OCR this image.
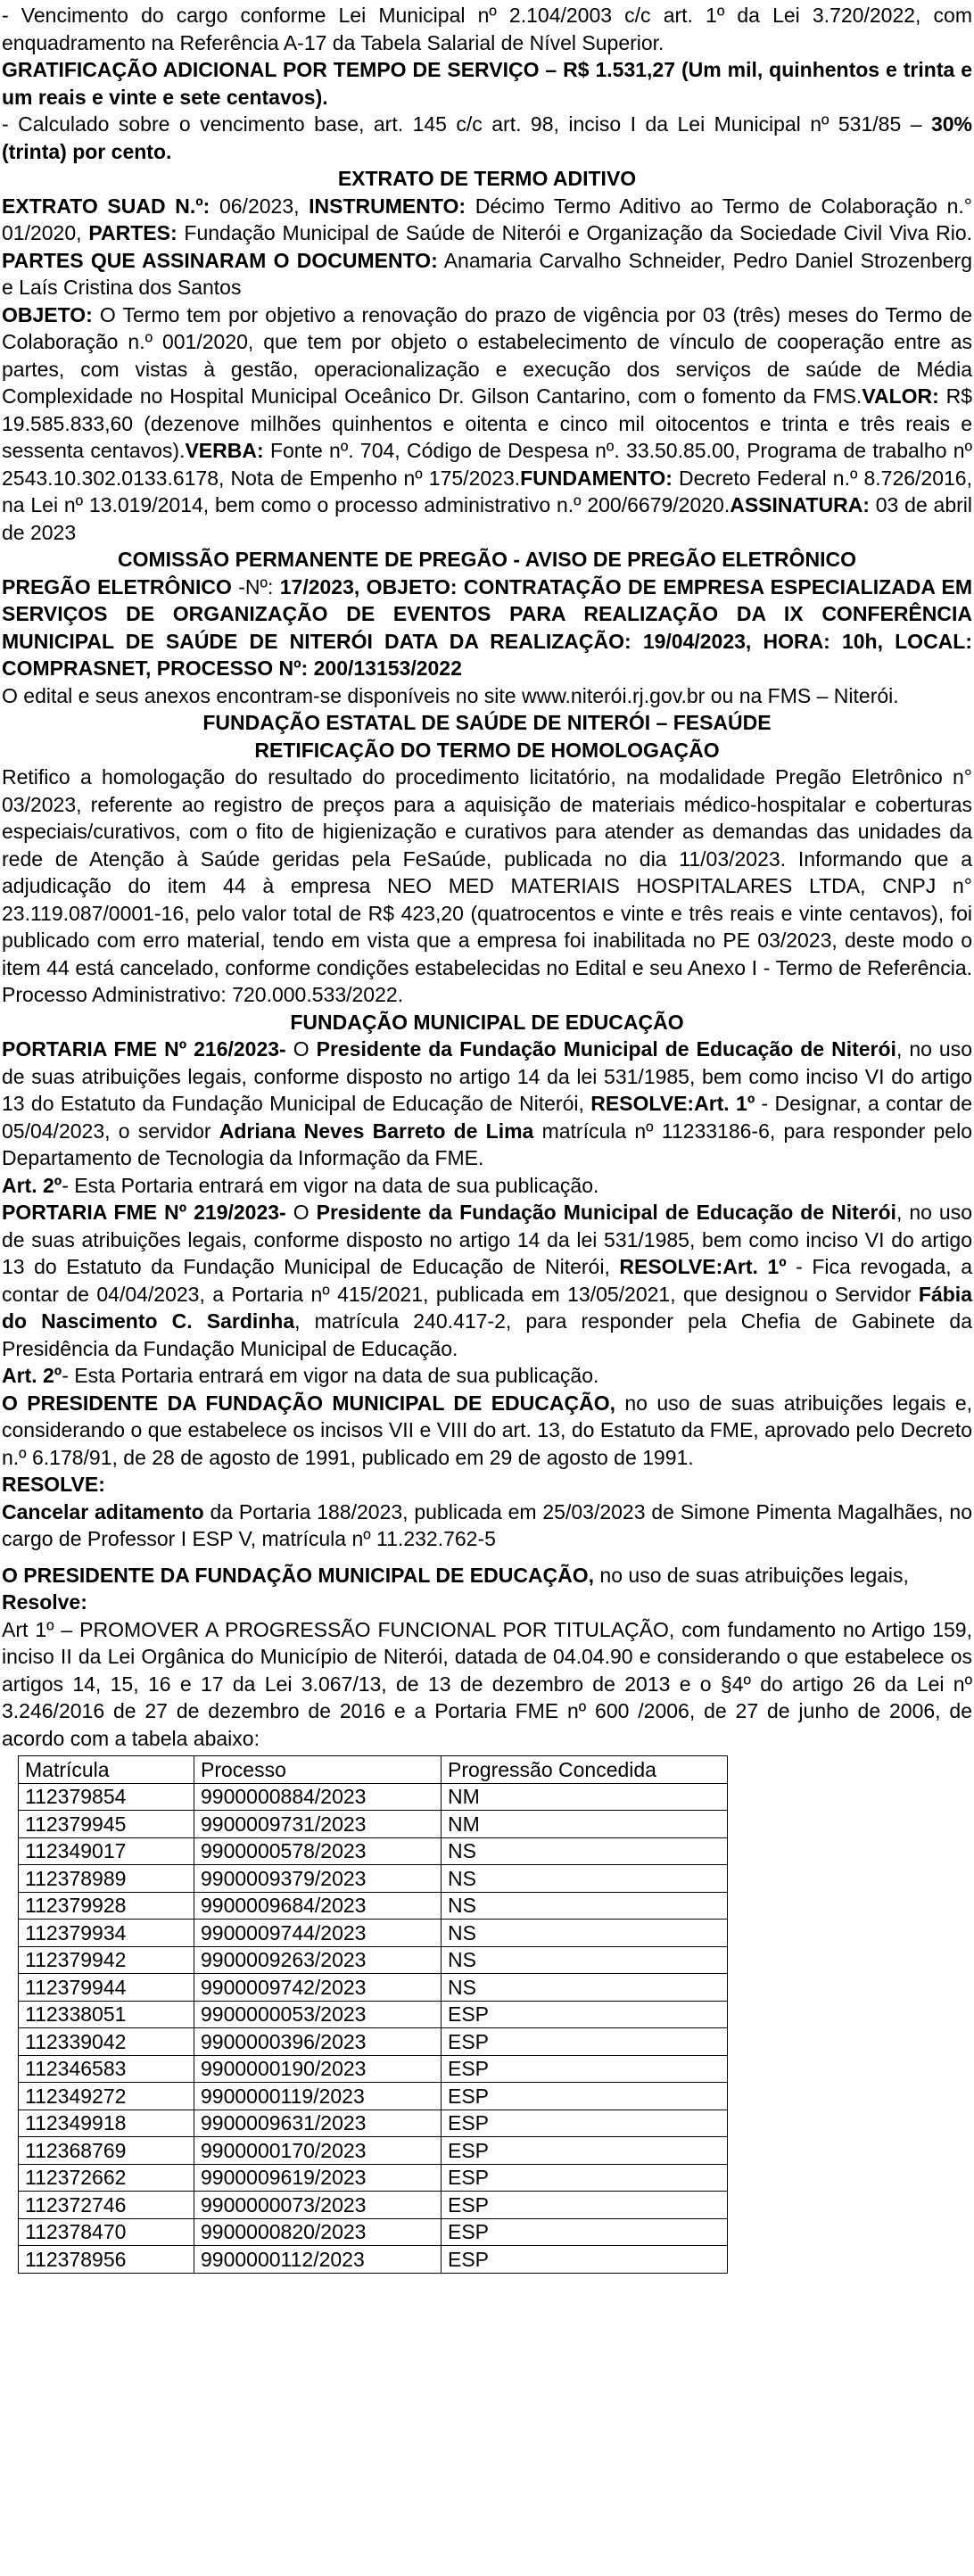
- Vencimento do cargo conforme Lei Municipal nº 2.104/2003 c/c art. 1º da Lei 3.720/2022, com enquadramento na Referência A-17 da Tabela Salarial de Nível Superior.

GRATIFICAÇÃO ADICIONAL POR TEMPO DE SERVIÇO – R$ 1.531,27 (Um mil, quinhentos e trinta e um reais e vinte e sete centavos).

- Calculado sobre o vencimento base, art. 145 c/c art. 98, inciso I da Lei Municipal nº 531/85 – 30% (trinta) por cento.

EXTRATO DE TERMO ADITIVO

EXTRATO SUAD N.º: 06/2023, INSTRUMENTO: Décimo Termo Aditivo ao Termo de Colaboração n.° 01/2020, PARTES: Fundação Municipal de Saúde de Niterói e Organização da Sociedade Civil Viva Rio. PARTES QUE ASSINARAM O DOCUMENTO: Anamaria Carvalho Schneider, Pedro Daniel Strozenberg e Laís Cristina dos Santos

OBJETO: O Termo tem por objetivo a renovação do prazo de vigência por 03 (três) meses do Termo de Colaboração n.º 001/2020, que tem por objeto o estabelecimento de vínculo de cooperação entre as partes, com vistas à gestão, operacionalização e execução dos serviços de saúde de Média Complexidade no Hospital Municipal Oceânico Dr. Gilson Cantarino, com o fomento da FMS.VALOR: R$ 19.585.833,60 (dezenove milhões quinhentos e oitenta e cinco mil oitocentos e trinta e três reais e sessenta centavos).VERBA: Fonte nº. 704, Código de Despesa nº. 33.50.85.00, Programa de trabalho nº 2543.10.302.0133.6178, Nota de Empenho nº 175/2023.FUNDAMENTO: Decreto Federal n.º 8.726/2016, na Lei nº 13.019/2014, bem como o processo administrativo n.º 200/6679/2020.ASSINATURA: 03 de abril de 2023

COMISSÃO PERMANENTE DE PREGÃO - AVISO DE PREGÃO ELETRÔNICO

PREGÃO ELETRÔNICO -Nº: 17/2023, OBJETO: CONTRATAÇÃO DE EMPRESA ESPECIALIZADA EM SERVIÇOS DE ORGANIZAÇÃO DE EVENTOS PARA REALIZAÇÃO DA IX CONFERÊNCIA MUNICIPAL DE SAÚDE DE NITERÓI DATA DA REALIZAÇÃO: 19/04/2023, HORA: 10h, LOCAL: COMPRASNET, PROCESSO Nº: 200/13153/2022

O edital e seus anexos encontram-se disponíveis no site www.niterói.rj.gov.br ou na FMS – Niterói.

FUNDAÇÃO ESTATAL DE SAÚDE DE NITERÓI – FESAÚDE

RETIFICAÇÃO DO TERMO DE HOMOLOGAÇÃO

Retifico a homologação do resultado do procedimento licitatório, na modalidade Pregão Eletrônico n° 03/2023, referente ao registro de preços para a aquisição de materiais médico-hospitalar e coberturas especiais/curativos, com o fito de higienização e curativos para atender as demandas das unidades da rede de Atenção à Saúde geridas pela FeSaúde, publicada no dia 11/03/2023. Informando que a adjudicação do item 44 à empresa NEO MED MATERIAIS HOSPITALARES LTDA, CNPJ n° 23.119.087/0001-16, pelo valor total de R$ 423,20 (quatrocentos e vinte e três reais e vinte centavos), foi publicado com erro material, tendo em vista que a empresa foi inabilitada no PE 03/2023, deste modo o item 44 está cancelado, conforme condições estabelecidas no Edital e seu Anexo I - Termo de Referência. Processo Administrativo: 720.000.533/2022.

FUNDAÇÃO MUNICIPAL DE EDUCAÇÃO

PORTARIA FME Nº 216/2023- O Presidente da Fundação Municipal de Educação de Niterói, no uso de suas atribuições legais, conforme disposto no artigo 14 da lei 531/1985, bem como inciso VI do artigo 13 do Estatuto da Fundação Municipal de Educação de Niterói, RESOLVE:Art. 1º - Designar, a contar de 05/04/2023, o servidor Adriana Neves Barreto de Lima matrícula nº 11233186-6, para responder pelo Departamento de Tecnologia da Informação da FME.

Art. 2º- Esta Portaria entrará em vigor na data de sua publicação.

PORTARIA FME Nº 219/2023- O Presidente da Fundação Municipal de Educação de Niterói, no uso de suas atribuições legais, conforme disposto no artigo 14 da lei 531/1985, bem como inciso VI do artigo 13 do Estatuto da Fundação Municipal de Educação de Niterói, RESOLVE:Art. 1º - Fica revogada, a contar de 04/04/2023, a Portaria nº 415/2021, publicada em 13/05/2021, que designou o Servidor Fábia do Nascimento C. Sardinha, matrícula 240.417-2, para responder pela Chefia de Gabinete da Presidência da Fundação Municipal de Educação.

Art. 2º- Esta Portaria entrará em vigor na data de sua publicação.

O PRESIDENTE DA FUNDAÇÃO MUNICIPAL DE EDUCAÇÃO, no uso de suas atribuições legais e, considerando o que estabelece os incisos VII e VIII do art. 13, do Estatuto da FME, aprovado pelo Decreto n.º 6.178/91, de 28 de agosto de 1991, publicado em 29 de agosto de 1991.

RESOLVE:

Cancelar aditamento da Portaria 188/2023, publicada em 25/03/2023 de Simone Pimenta Magalhães, no cargo de Professor I ESP V, matrícula nº 11.232.762-5

O PRESIDENTE DA FUNDAÇÃO MUNICIPAL DE EDUCAÇÃO, no uso de suas atribuições legais,

Resolve:

Art 1º – PROMOVER A PROGRESSÃO FUNCIONAL POR TITULAÇÃO, com fundamento no Artigo 159, inciso II da Lei Orgânica do Município de Niterói, datada de 04.04.90 e considerando o que estabelece os artigos 14, 15, 16 e 17 da Lei 3.067/13, de 13 de dezembro de 2013 e o §4º do artigo 26 da Lei nº 3.246/2016 de 27 de dezembro de 2016 e a Portaria FME nº 600 /2006, de 27 de junho de 2006, de acordo com a tabela abaixo:

Matrícula	Processo	Progressão Concedida
112379854	9900000884/2023	NM
112379945	9900009731/2023	NM
112349017	9900000578/2023	NS
112378989	9900009379/2023	NS
112379928	9900009684/2023	NS
112379934	9900009744/2023	NS
112379942	9900009263/2023	NS
112379944	9900009742/2023	NS
112338051	9900000053/2023	ESP
112339042	9900000396/2023	ESP
112346583	9900000190/2023	ESP
112349272	9900000119/2023	ESP
112349918	9900009631/2023	ESP
112368769	9900000170/2023	ESP
112372662	9900009619/2023	ESP
112372746	9900000073/2023	ESP
112378470	9900000820/2023	ESP
112378956	9900000112/2023	ESP
